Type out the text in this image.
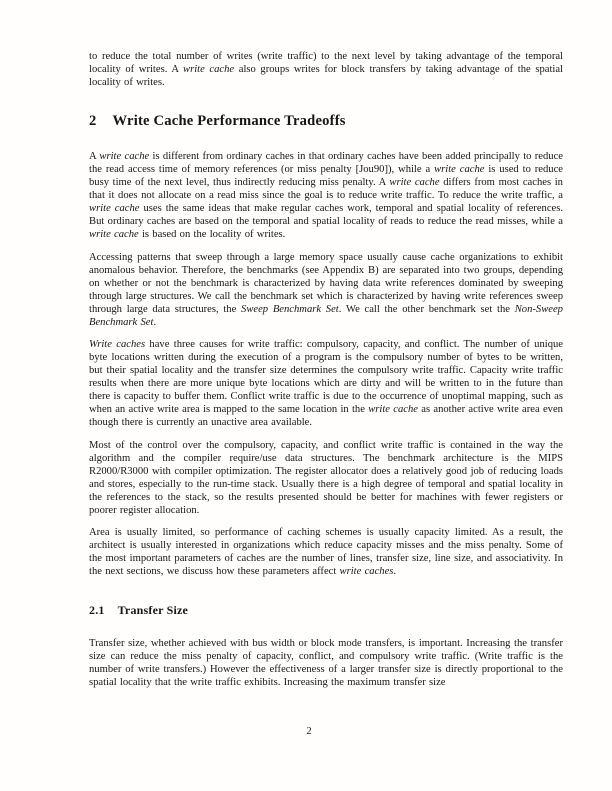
to reduce the total number of writes (write traffic) to the next level by taking advantage of the temporal locality of writes. A write cache also groups writes for block transfers by taking advantage of the spatial locality of writes.

2 Write Cache Performance Tradeoffs

A write cache is different from ordinary caches in that ordinary caches have been added principally to reduce the read access time of memory references (or miss penalty [Jou90]), while a write cache is used to reduce busy time of the next level, thus indirectly reducing miss penalty. A write cache differs from most caches in that it does not allocate on a read miss since the goal is to reduce write traffic. To reduce the write traffic, a write cache uses the same ideas that make regular caches work, temporal and spatial locality of references. But ordinary caches are based on the temporal and spatial locality of reads to reduce the read misses, while a write cache is based on the locality of writes.

Accessing patterns that sweep through a large memory space usually cause cache organizations to exhibit anomalous behavior. Therefore, the benchmarks (see Appendix B) are separated into two groups, depending on whether or not the benchmark is characterized by having data write references dominated by sweeping through large structures. We call the benchmark set which is characterized by having write references sweep through large data structures, the Sweep Benchmark Set. We call the other benchmark set the Non-Sweep Benchmark Set.

Write caches have three causes for write traffic: compulsory, capacity, and conflict. The number of unique byte locations written during the execution of a program is the compulsory number of bytes to be written, but their spatial locality and the transfer size determines the compulsory write traffic. Capacity write traffic results when there are more unique byte locations which are dirty and will be written to in the future than there is capacity to buffer them. Conflict write traffic is due to the occurrence of unoptimal mapping, such as when an active write area is mapped to the same location in the write cache as another active write area even though there is currently an unactive area available.

Most of the control over the compulsory, capacity, and conflict write traffic is contained in the way the algorithm and the compiler require/use data structures. The benchmark architecture is the MIPS R2000/R3000 with compiler optimization. The register allocator does a relatively good job of reducing loads and stores, especially to the run-time stack. Usually there is a high degree of temporal and spatial locality in the references to the stack, so the results presented should be better for machines with fewer registers or poorer register allocation.

Area is usually limited, so performance of caching schemes is usually capacity limited. As a result, the architect is usually interested in organizations which reduce capacity misses and the miss penalty. Some of the most important parameters of caches are the number of lines, transfer size, line size, and associativity. In the next sections, we discuss how these parameters affect write caches.

2.1 Transfer Size

Transfer size, whether achieved with bus width or block mode transfers, is important. Increasing the transfer size can reduce the miss penalty of capacity, conflict, and compulsory write traffic. (Write traffic is the number of write transfers.) However the effectiveness of a larger transfer size is directly proportional to the spatial locality that the write traffic exhibits. Increasing the maximum transfer size

2
